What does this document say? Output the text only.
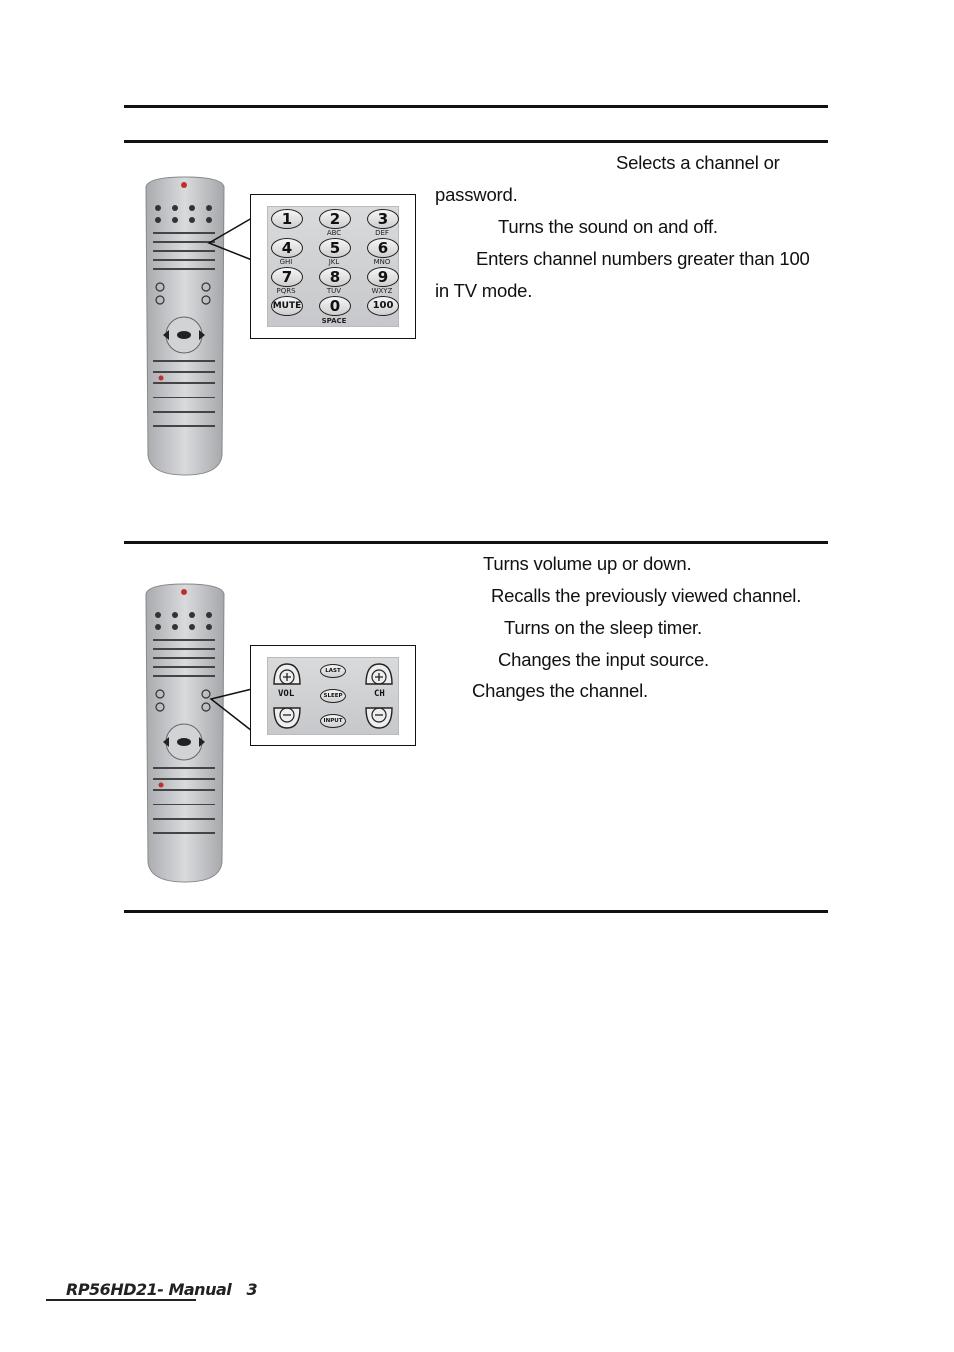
1	2	3
ABC	DEF
4	5	6
GHI	JKL	MNO
7	8	9
PQRS	TUV	WXYZ
MUTE	0	100
SPACE
Selects a channel or
password.
Turns the sound on and off.
Enters channel numbers greater than 100
in TV mode.
VOL	CH
LAST
SLEEP
INPUT
Turns volume up or down.
Recalls the previously viewed channel.
Turns on the sleep timer.
Changes the input source.
Changes the channel.
RP56HD21- Manual 3
